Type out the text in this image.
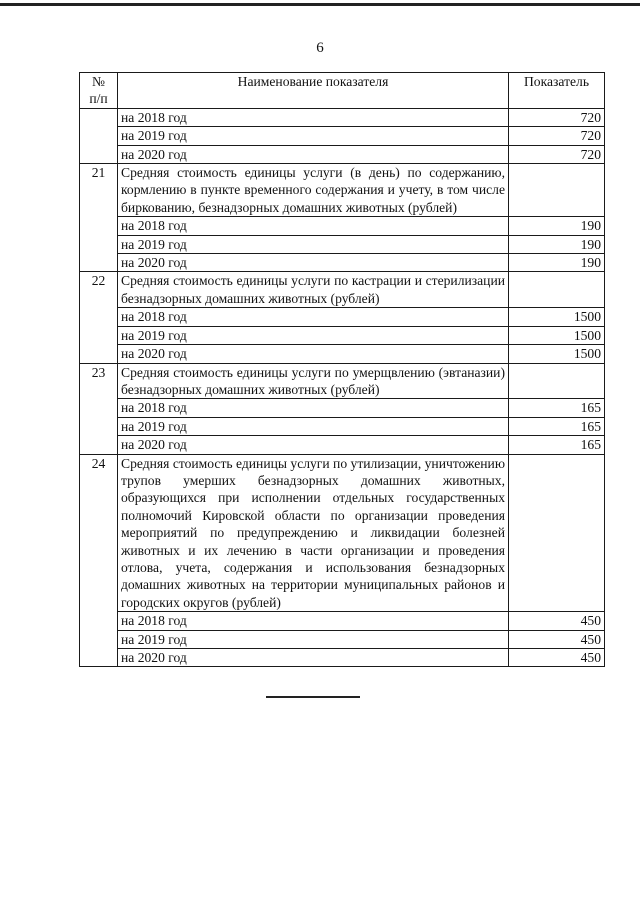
6
№
п/п	Наименование показателя	Показатель
	на 2018 год	720
	на 2019 год	720
	на 2020 год	720
21	Средняя стоимость единицы услуги (в день) по содержанию, кормлению в пункте временного содержания и учету, в том числе биркованию, безнадзорных домашних животных (рублей)	
	на 2018 год	190
	на 2019 год	190
	на 2020 год	190
22	Средняя стоимость единицы услуги по кастрации и стерилизации безнадзорных домашних животных (рублей)	
	на 2018 год	1500
	на 2019 год	1500
	на 2020 год	1500
23	Средняя стоимость единицы услуги по умерщвлению (эвтаназии) безнадзорных домашних животных (рублей)	
	на 2018 год	165
	на 2019 год	165
	на 2020 год	165
24	Средняя стоимость единицы услуги по утилизации, уничтожению трупов умерших безнадзорных домашних животных, образующихся при исполнении отдельных государственных полномочий Кировской области по организации проведения мероприятий по предупреждению и ликвидации болезней животных и их лечению в части организации и проведения отлова, учета, содержания и использования безнадзорных домашних животных на территории муниципальных районов и городских округов (рублей)	
	на 2018 год	450
	на 2019 год	450
	на 2020 год	450
